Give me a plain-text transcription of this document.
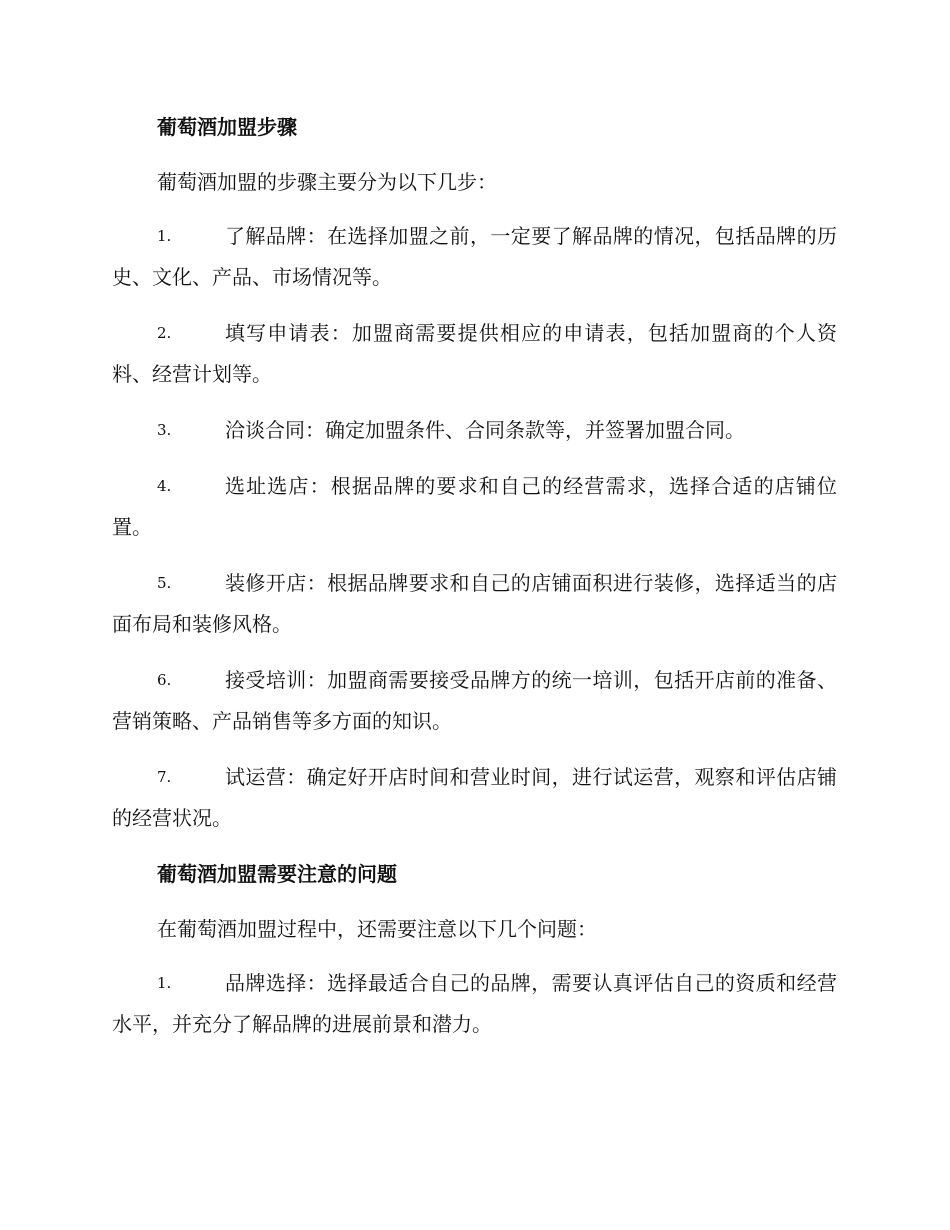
葡萄酒加盟步骤
葡萄酒加盟的步骤主要分为以下几步：
1.	了解品牌：在选择加盟之前，一定要了解品牌的情况，包括品牌的历史、文化、产品、市场情况等。
2.	填写申请表：加盟商需要提供相应的申请表，包括加盟商的个人资料、经营计划等。
3.	洽谈合同：确定加盟条件、合同条款等，并签署加盟合同。
4.	选址选店：根据品牌的要求和自己的经营需求，选择合适的店铺位置。
5.	装修开店：根据品牌要求和自己的店铺面积进行装修，选择适当的店面布局和装修风格。
6.	接受培训：加盟商需要接受品牌方的统一培训，包括开店前的准备、营销策略、产品销售等多方面的知识。
7.	试运营：确定好开店时间和营业时间，进行试运营，观察和评估店铺的经营状况。
葡萄酒加盟需要注意的问题
在葡萄酒加盟过程中，还需要注意以下几个问题：
1.	品牌选择：选择最适合自己的品牌，需要认真评估自己的资质和经营水平，并充分了解品牌的进展前景和潜力。
